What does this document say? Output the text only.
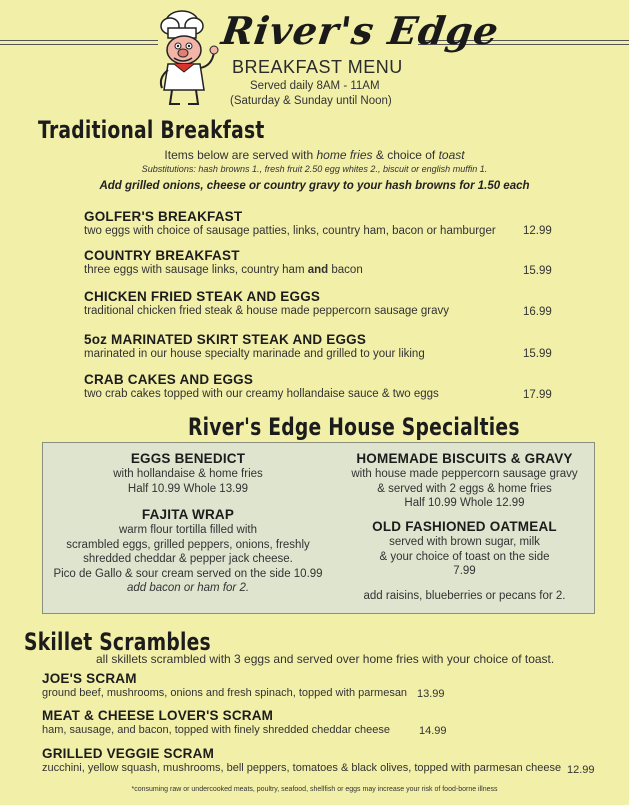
River's Edge
BREAKFAST MENU
Served daily 8AM - 11AM
(Saturday & Sunday until Noon)
Traditional Breakfast
Items below are served with home fries & choice of toast
Substitutions: hash browns 1., fresh fruit 2.50 egg whites 2., biscuit or english muffin 1.
Add grilled onions, cheese or country gravy to your hash browns for 1.50 each
GOLFER'S BREAKFAST
two eggs with choice of sausage patties, links, country ham, bacon or hamburger	12.99
COUNTRY BREAKFAST
three eggs with sausage links, country ham and bacon	15.99
CHICKEN FRIED STEAK AND EGGS
traditional chicken fried steak & house made peppercorn sausage gravy	16.99
5oz MARINATED SKIRT STEAK AND EGGS
marinated in our house specialty marinade and grilled to your liking	15.99
CRAB CAKES AND EGGS
two crab cakes topped with our creamy hollandaise sauce & two eggs	17.99
River's Edge House Specialties
EGGS BENEDICT
with hollandaise & home fries
Half 10.99 Whole 13.99
FAJITA WRAP
warm flour tortilla filled with
scrambled eggs, grilled peppers, onions, freshly
shredded cheddar & pepper jack cheese.
Pico de Gallo & sour cream served on the side 10.99
add bacon or ham for 2.
HOMEMADE BISCUITS & GRAVY
with house made peppercorn sausage gravy
& served with 2 eggs & home fries
Half 10.99 Whole 12.99
OLD FASHIONED OATMEAL
served with brown sugar, milk
& your choice of toast on the side
7.99
add raisins, blueberries or pecans for 2.
Skillet Scrambles
all skillets scrambled with 3 eggs and served over home fries with your choice of toast.
JOE'S SCRAM
ground beef, mushrooms, onions and fresh spinach, topped with parmesan 13.99
MEAT & CHEESE LOVER'S SCRAM
ham, sausage, and bacon, topped with finely shredded cheddar cheese	14.99
GRILLED VEGGIE SCRAM
zucchini, yellow squash, mushrooms, bell peppers, tomatoes & black olives, topped with parmesan cheese 12.99
*consuming raw or undercooked meats, poultry, seafood, shellfish or eggs may increase your risk of food-borne illness
